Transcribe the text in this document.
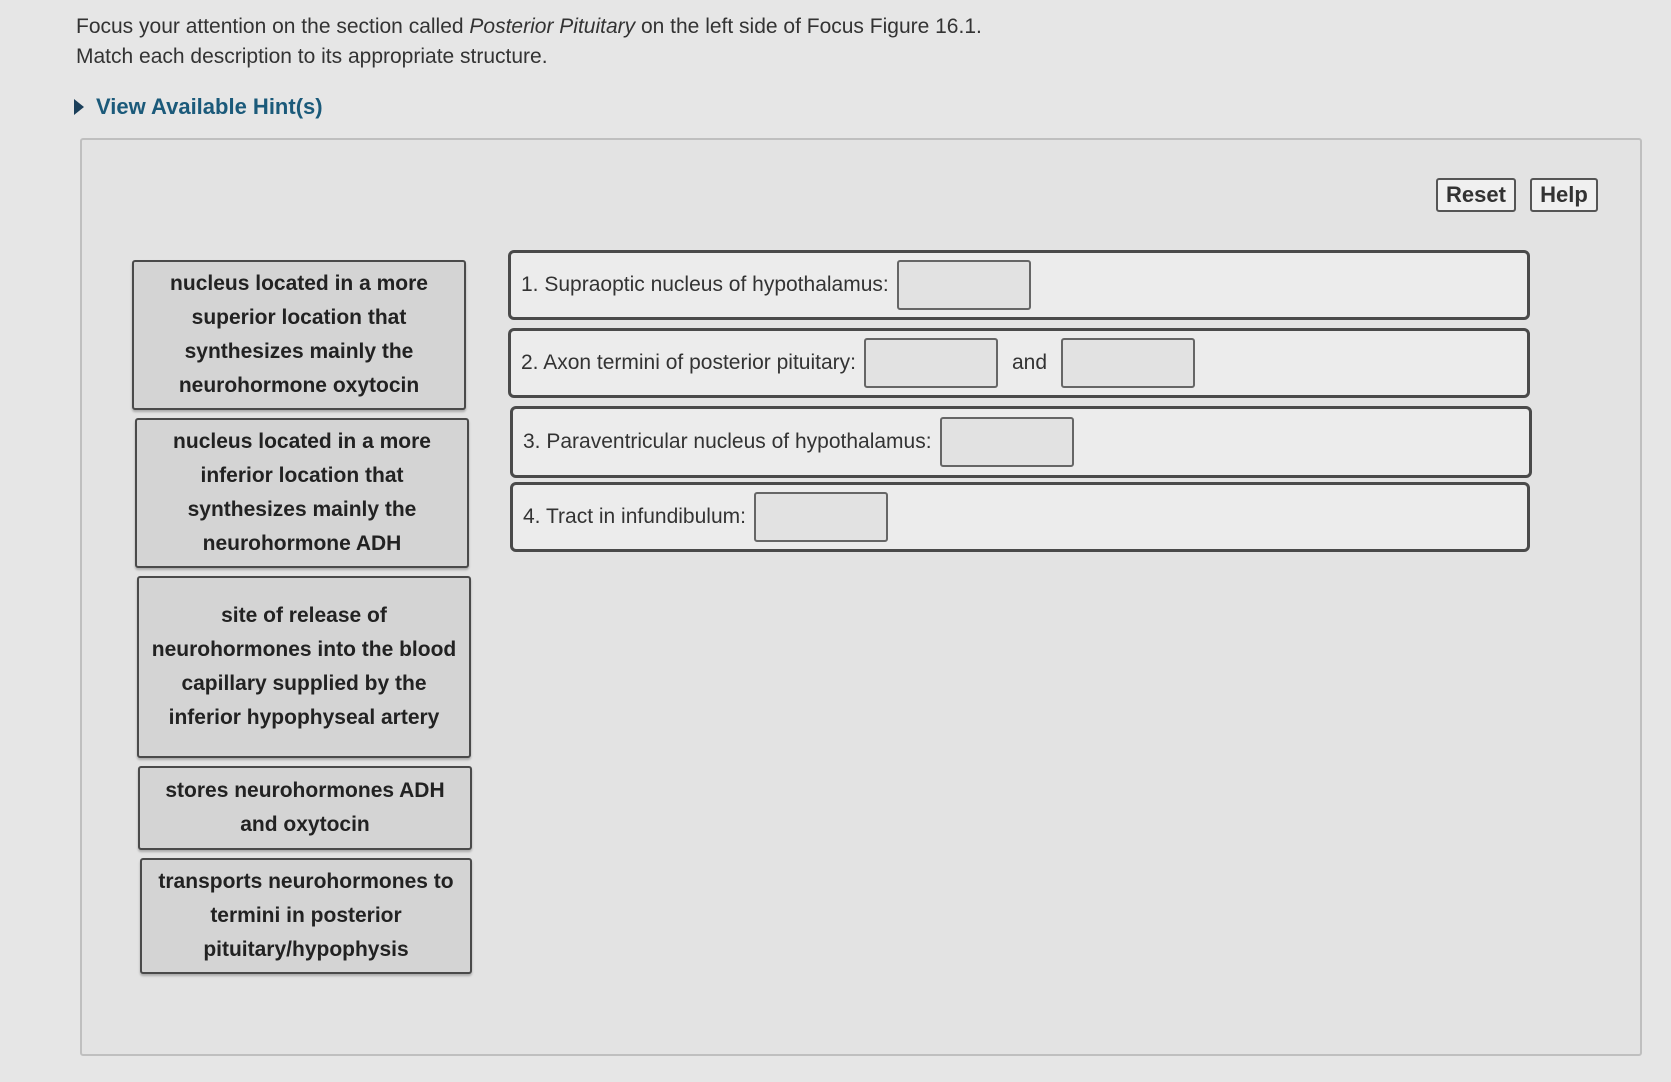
Focus your attention on the section called Posterior Pituitary on the left side of Focus Figure 16.1.
Match each description to its appropriate structure.
View Available Hint(s)
Reset	Help
nucleus located in a more superior location that synthesizes mainly the neurohormone oxytocin
nucleus located in a more inferior location that synthesizes mainly the neurohormone ADH
site of release of neurohormones into the blood capillary supplied by the inferior hypophyseal artery
stores neurohormones ADH and oxytocin
transports neurohormones to termini in posterior pituitary/hypophysis
1. Supraoptic nucleus of hypothalamus:
2. Axon termini of posterior pituitary:	and
3. Paraventricular nucleus of hypothalamus:
4. Tract in infundibulum:
